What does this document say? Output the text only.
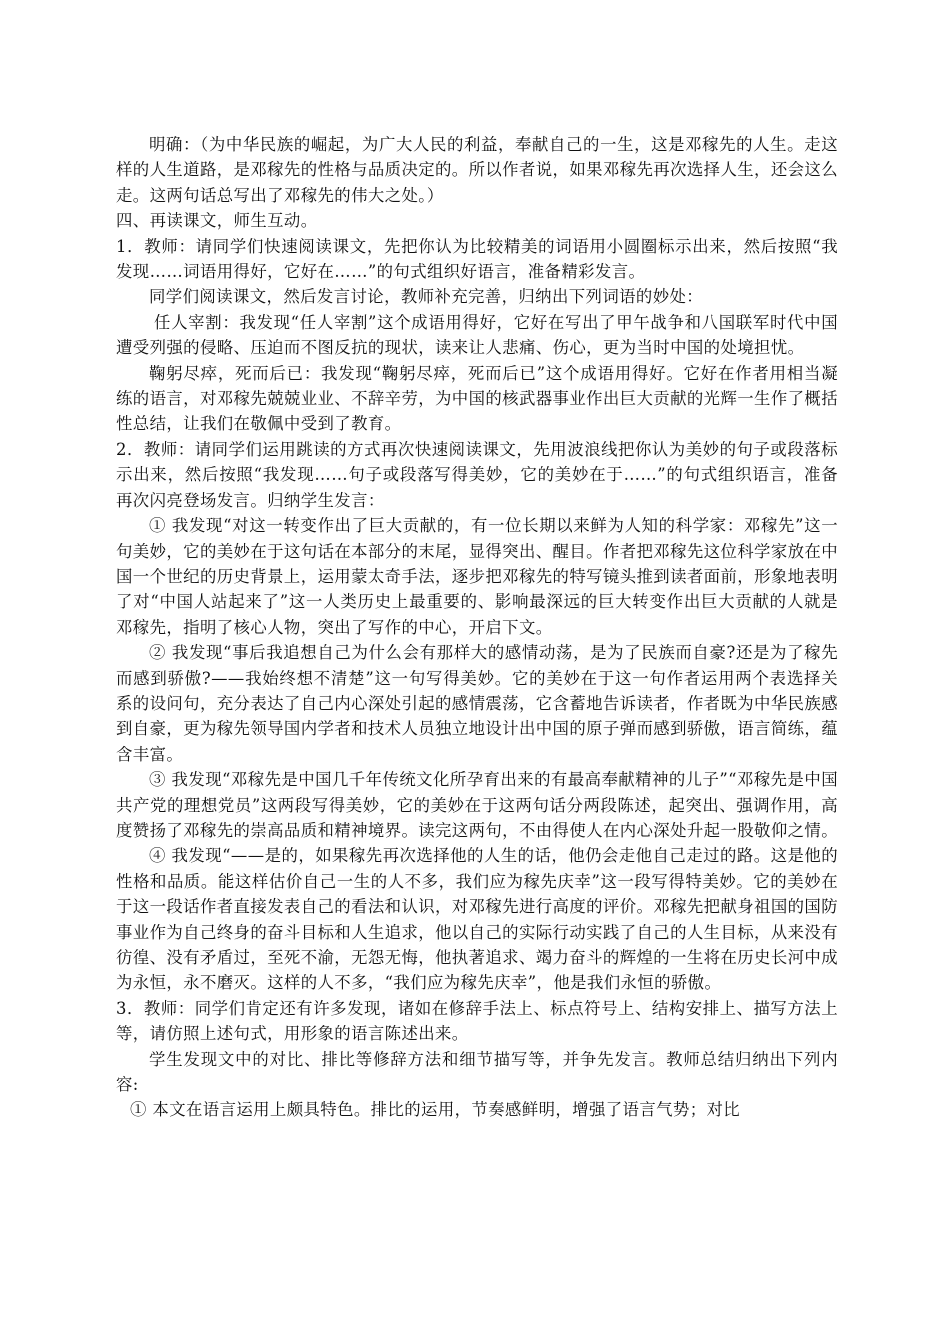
明确：（为中华民族的崛起，为广大人民的利益，奉献自己的一生，这是邓稼先的人生。走这样的人生道路，是邓稼先的性格与品质决定的。所以作者说，如果邓稼先再次选择人生，还会这么走。这两句话总写出了邓稼先的伟大之处。）

四、再读课文，师生互动。

1．教师：请同学们快速阅读课文，先把你认为比较精美的词语用小圆圈标示出来，然后按照“我发现……词语用得好，它好在……”的句式组织好语言，准备精彩发言。

同学们阅读课文，然后发言讨论，教师补充完善，归纳出下列词语的妙处：

任人宰割：我发现“任人宰割”这个成语用得好，它好在写出了甲午战争和八国联军时代中国遭受列强的侵略、压迫而不图反抗的现状，读来让人悲痛、伤心，更为当时中国的处境担忧。

鞠躬尽瘁，死而后已：我发现“鞠躬尽瘁，死而后已”这个成语用得好。它好在作者用相当凝练的语言，对邓稼先兢兢业业、不辞辛劳，为中国的核武器事业作出巨大贡献的光辉一生作了概括性总结，让我们在敬佩中受到了教育。

2．教师：请同学们运用跳读的方式再次快速阅读课文，先用波浪线把你认为美妙的句子或段落标示出来，然后按照“我发现……句子或段落写得美妙，它的美妙在于……”的句式组织语言，准备再次闪亮登场发言。归纳学生发言：

① 我发现“对这一转变作出了巨大贡献的，有一位长期以来鲜为人知的科学家：邓稼先”这一句美妙，它的美妙在于这句话在本部分的末尾，显得突出、醒目。作者把邓稼先这位科学家放在中国一个世纪的历史背景上，运用蒙太奇手法，逐步把邓稼先的特写镜头推到读者面前，形象地表明了对“中国人站起来了”这一人类历史上最重要的、影响最深远的巨大转变作出巨大贡献的人就是邓稼先，指明了核心人物，突出了写作的中心，开启下文。

② 我发现“事后我追想自己为什么会有那样大的感情动荡，是为了民族而自豪?还是为了稼先而感到骄傲?——我始终想不清楚”这一句写得美妙。它的美妙在于这一句作者运用两个表选择关系的设问句，充分表达了自己内心深处引起的感情震荡，它含蓄地告诉读者，作者既为中华民族感到自豪，更为稼先领导国内学者和技术人员独立地设计出中国的原子弹而感到骄傲，语言简练，蕴含丰富。

③ 我发现“邓稼先是中国几千年传统文化所孕育出来的有最高奉献精神的儿子”“邓稼先是中国共产党的理想党员”这两段写得美妙，它的美妙在于这两句话分两段陈述，起突出、强调作用，高度赞扬了邓稼先的崇高品质和精神境界。读完这两句，不由得使人在内心深处升起一股敬仰之情。

④ 我发现“——是的，如果稼先再次选择他的人生的话，他仍会走他自己走过的路。这是他的性格和品质。能这样估价自己一生的人不多，我们应为稼先庆幸”这一段写得特美妙。它的美妙在于这一段话作者直接发表自己的看法和认识，对邓稼先进行高度的评价。邓稼先把献身祖国的国防事业作为自己终身的奋斗目标和人生追求，他以自己的实际行动实践了自己的人生目标，从来没有彷徨、没有矛盾过，至死不渝，无怨无悔，他执著追求、竭力奋斗的辉煌的一生将在历史长河中成为永恒，永不磨灭。这样的人不多，“我们应为稼先庆幸”，他是我们永恒的骄傲。

3．教师：同学们肯定还有许多发现，诸如在修辞手法上、标点符号上、结构安排上、描写方法上等，请仿照上述句式，用形象的语言陈述出来。

学生发现文中的对比、排比等修辞方法和细节描写等，并争先发言。教师总结归纳出下列内容:

① 本文在语言运用上颇具特色。排比的运用，节奏感鲜明，增强了语言气势；对比
